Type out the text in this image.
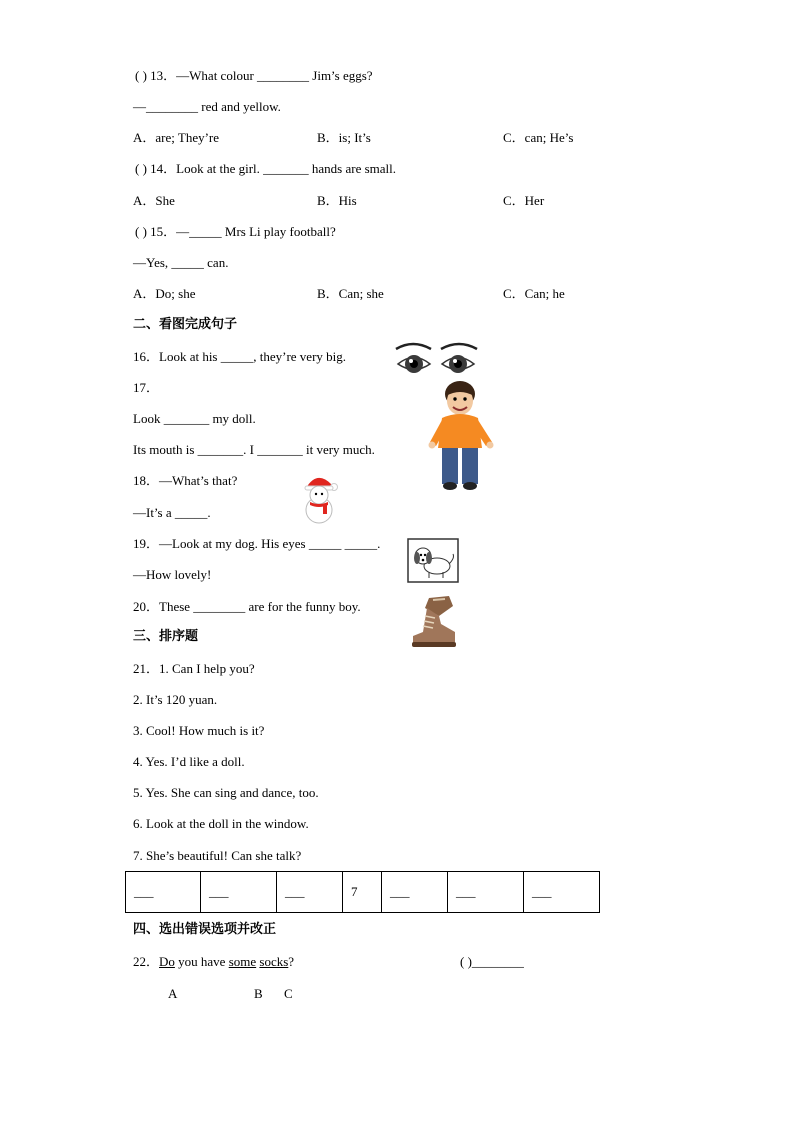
( ) 13．—What colour ________ Jim’s eggs?
—________ red and yellow.
A．are; They’re	B．is; It’s	C．can; He’s
( ) 14．Look at the girl. _______ hands are small.
A．She	B．His	C．Her
( ) 15．—_____ Mrs Li play football?
—Yes, _____ can.
A．Do; she	B．Can; she	C．Can; he
二、看图完成句子
16．Look at his _____, they’re very big.
17．
Look _______ my doll.
Its mouth is _______. I _______ it very much.
18．—What’s that?
—It’s a _____.
19．—Look at my dog. His eyes _____ _____.
—How lovely!
20．These ________ are for the funny boy.
三、排序题
21．1. Can I help you?
2. It’s 120 yuan.
3. Cool! How much is it?
4. Yes. I’d like a doll.
5. Yes. She can sing and dance, too.
6. Look at the doll in the window.
7. She’s beautiful! Can she talk?
___	___	___	7	___	___	___
四、选出错误选项并改正
22．Do you have some socks?	( )________
A	B C
